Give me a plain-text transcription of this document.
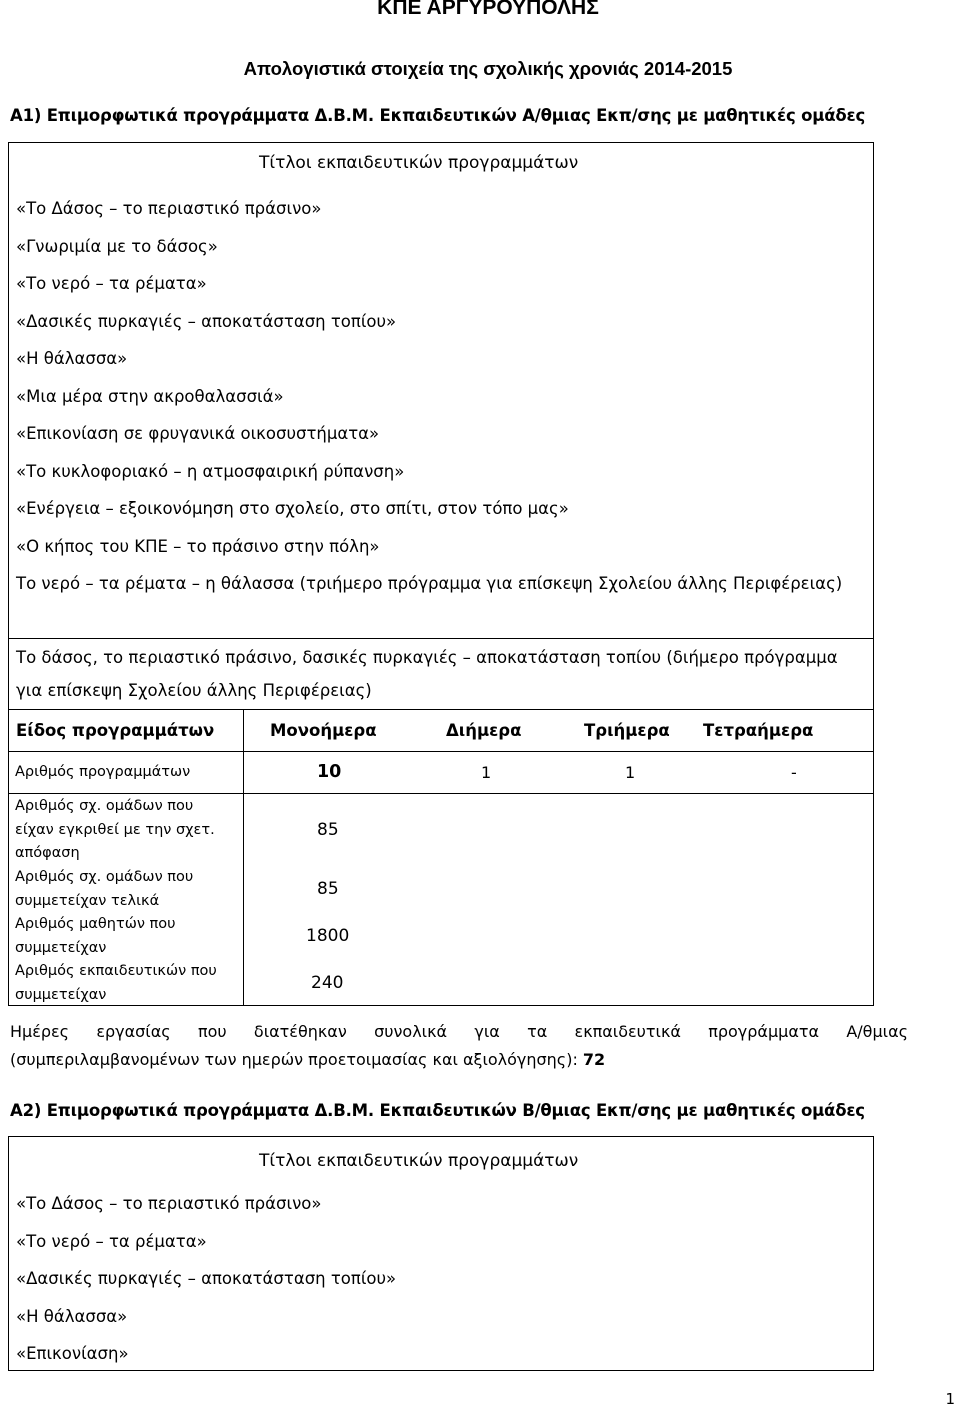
ΚΠΕ ΑΡΓΥΡΟΥΠΟΛΗΣ
Απολογιστικά στοιχεία της σχολικής χρονιάς 2014-2015
Α1) Επιμορφωτικά προγράμματα Δ.Β.Μ. Εκπαιδευτικών Α/θμιας Εκπ/σης με μαθητικές ομάδες
Τίτλοι εκπαιδευτικών προγραμμάτων
«Το Δάσος – το περιαστικό πράσινο»
«Γνωριμία με το δάσος»
«Το νερό – τα ρέματα»
«Δασικές πυρκαγιές – αποκατάσταση τοπίου»
«Η θάλασσα»
«Μια μέρα στην ακροθαλασσιά»
«Επικονίαση σε φρυγανικά οικοσυστήματα»
«Το κυκλοφοριακό – η ατμοσφαιρική ρύπανση»
«Ενέργεια – εξοικονόμηση στο σχολείο, στο σπίτι, στον τόπο μας»
«Ο κήπος του ΚΠΕ – το πράσινο στην πόλη»
Το νερό – τα ρέματα – η θάλασσα (τριήμερο πρόγραμμα για επίσκεψη Σχολείου άλλης Περιφέρειας)
Το δάσος, το περιαστικό πράσινο, δασικές πυρκαγιές – αποκατάσταση τοπίου (διήμερο πρόγραμμα για επίσκεψη Σχολείου άλλης Περιφέρειας)
Είδος προγραμμάτων	Μονοήμερα	Διήμερα	Τριήμερα Τετραήμερα
Αριθμός προγραμμάτων	10	1	1	-
Αριθμός σχ. ομάδων που είχαν εγκριθεί με την σχετ. απόφαση
85
Αριθμός σχ. ομάδων που συμμετείχαν τελικά
85
Αριθμός μαθητών που συμμετείχαν
1800
Αριθμός εκπαιδευτικών που συμμετείχαν
240
Ημέρες εργασίας που διατέθηκαν συνολικά για τα εκπαιδευτικά προγράμματα Α/θμιας
(συμπεριλαμβανομένων των ημερών προετοιμασίας και αξιολόγησης): 72
Α2) Επιμορφωτικά προγράμματα Δ.Β.Μ. Εκπαιδευτικών Β/θμιας Εκπ/σης με μαθητικές ομάδες
Τίτλοι εκπαιδευτικών προγραμμάτων
«Το Δάσος – το περιαστικό πράσινο»
«Το νερό – τα ρέματα»
«Δασικές πυρκαγιές – αποκατάσταση τοπίου»
«Η θάλασσα»
«Επικονίαση»
1
